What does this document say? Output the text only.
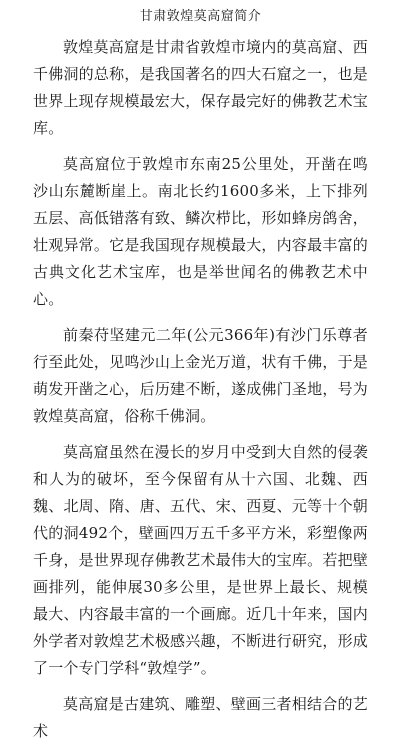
甘肃敦煌莫高窟简介

敦煌莫高窟是甘肃省敦煌市境内的莫高窟、西千佛洞的总称，是我国著名的四大石窟之一，也是世界上现存规模最宏大，保存最完好的佛教艺术宝库。

莫高窟位于敦煌市东南25公里处，开凿在鸣沙山东麓断崖上。南北长约1600多米，上下排列五层、高低错落有致、鳞次栉比，形如蜂房鸽舍，壮观异常。它是我国现存规模最大，内容最丰富的古典文化艺术宝库，也是举世闻名的佛教艺术中心。

前秦苻坚建元二年(公元366年)有沙门乐尊者行至此处，见鸣沙山上金光万道，状有千佛，于是萌发开凿之心，后历建不断，遂成佛门圣地，号为敦煌莫高窟，俗称千佛洞。

莫高窟虽然在漫长的岁月中受到大自然的侵袭和人为的破坏，至今保留有从十六国、北魏、西魏、北周、隋、唐、五代、宋、西夏、元等十个朝代的洞492个，壁画四万五千多平方米，彩塑像两千身，是世界现存佛教艺术最伟大的宝库。若把壁画排列，能伸展30多公里，是世界上最长、规模最大、内容最丰富的一个画廊。近几十年来，国内外学者对敦煌艺术极感兴趣，不断进行研究，形成了一个专门学科“敦煌学”。

莫高窟是古建筑、雕塑、壁画三者相结合的艺术
